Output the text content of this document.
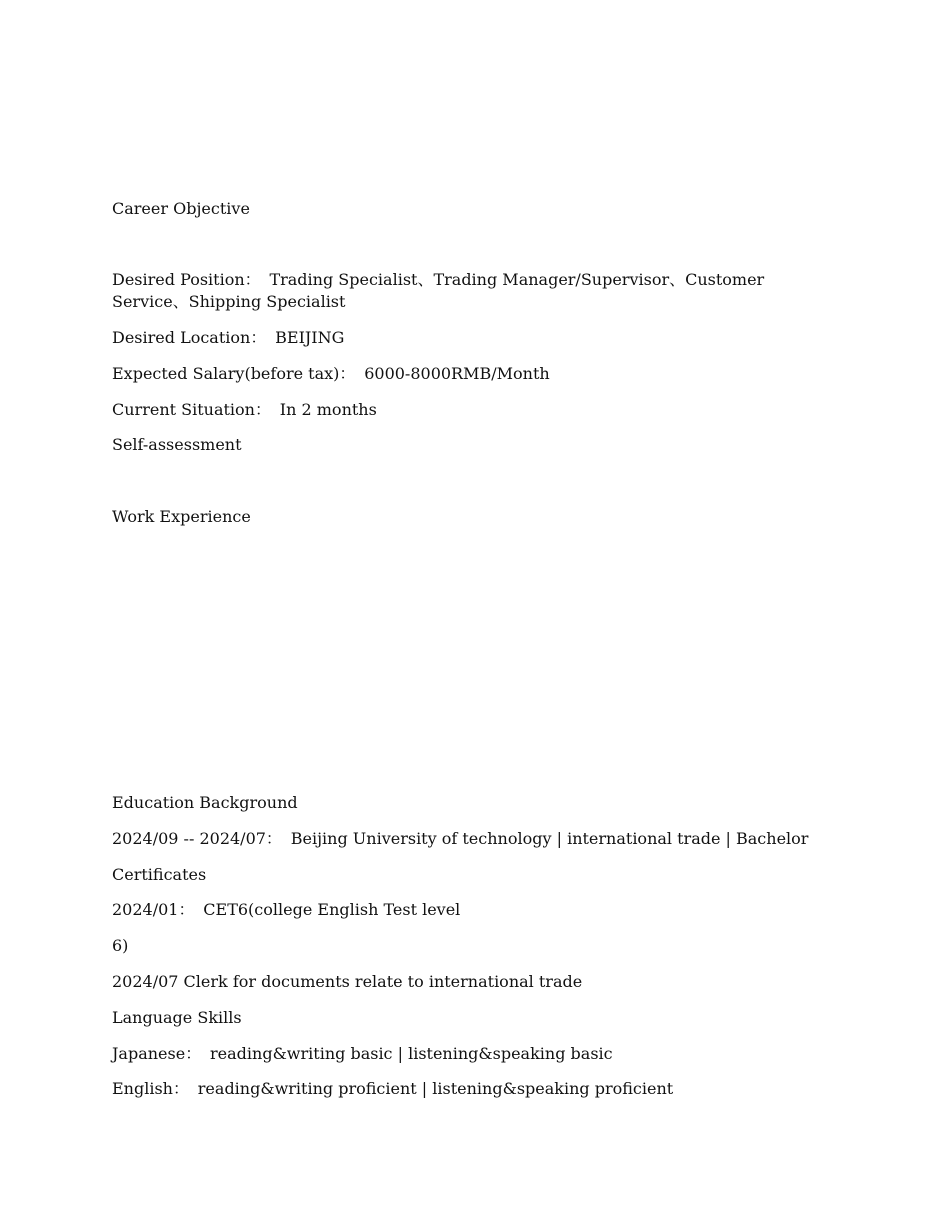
Career Objective
Desired Position： Trading Specialist、Trading Manager/Supervisor、Customer Service、Shipping Specialist
Desired Location： BEIJING
Expected Salary(before tax)： 6000-8000RMB/Month
Current Situation： In 2 months
Self-assessment
Work Experience
Education Background
2024/09 -- 2024/07： Beijing University of technology | international trade | Bachelor
Certificates
2024/01： CET6(college English Test level
6)
2024/07 Clerk for documents relate to international trade
Language Skills
Japanese： reading&writing basic | listening&speaking basic
English： reading&writing proficient | listening&speaking proficient
